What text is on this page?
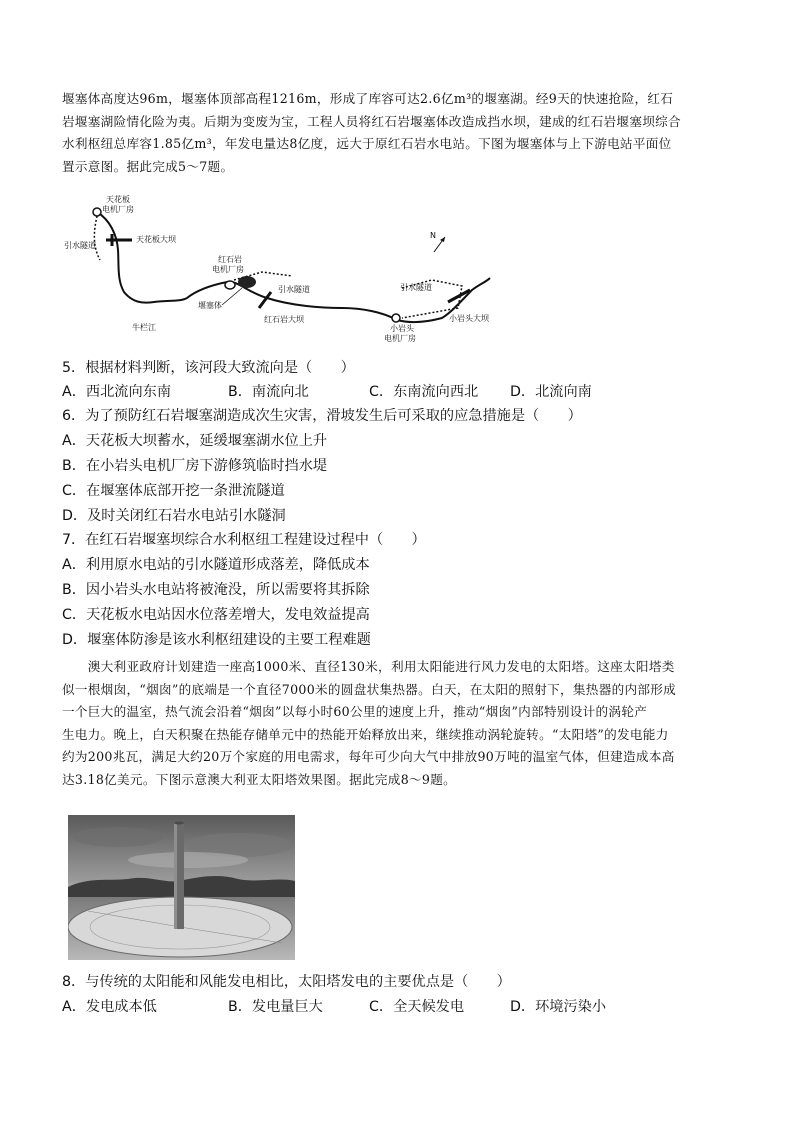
堰塞体高度达96m，堰塞体顶部高程1216m，形成了库容可达2.6亿m³的堰塞湖。经9天的快速抢险，红石
岩堰塞湖险情化险为夷。后期为变废为宝，工程人员将红石岩堰塞体改造成挡水坝，建成的红石岩堰塞坝综合
水利枢纽总库容1.85亿m³，年发电量达8亿度，远大于原红石岩水电站。下图为堰塞体与上下游电站平面位
置示意图。据此完成5～7题。
天花板
电机厂房
天花板大坝
引水隧道
红石岩
电机厂房
堰塞体
红石岩大坝
引水隧道
小岩头
电机厂房
引水隧道
小岩头大坝
N
牛栏江
5．根据材料判断，该河段大致流向是（　　）
A．西北流向东南	B．南流向北	C．东南流向西北 D．北流向南
6．为了预防红石岩堰塞湖造成次生灾害，滑坡发生后可采取的应急措施是（　　）
A．天花板大坝蓄水，延缓堰塞湖水位上升
B．在小岩头电机厂房下游修筑临时挡水堤
C．在堰塞体底部开挖一条泄流隧道
D．及时关闭红石岩水电站引水隧洞
7．在红石岩堰塞坝综合水利枢纽工程建设过程中（　　）
A．利用原水电站的引水隧道形成落差，降低成本
B．因小岩头水电站将被淹没，所以需要将其拆除
C．天花板水电站因水位落差增大，发电效益提高
D．堰塞体防渗是该水利枢纽建设的主要工程难题
　　澳大利亚政府计划建造一座高1000米、直径130米，利用太阳能进行风力发电的太阳塔。这座太阳塔类
似一根烟囱，“烟囱”的底端是一个直径7000米的圆盘状集热器。白天，在太阳的照射下，集热器的内部形成
一个巨大的温室，热气流会沿着“烟囱”以每小时60公里的速度上升，推动“烟囱”内部特别设计的涡轮产
生电力。晚上，白天积聚在热能存储单元中的热能开始释放出来，继续推动涡轮旋转。“太阳塔”的发电能力
约为200兆瓦，满足大约20万个家庭的用电需求，每年可少向大气中排放90万吨的温室气体，但建造成本高
达3.18亿美元。下图示意澳大利亚太阳塔效果图。据此完成8～9题。
8．与传统的太阳能和风能发电相比，太阳塔发电的主要优点是（　　）
A．发电成本低	B．发电量巨大	C．全天候发电	D．环境污染小
